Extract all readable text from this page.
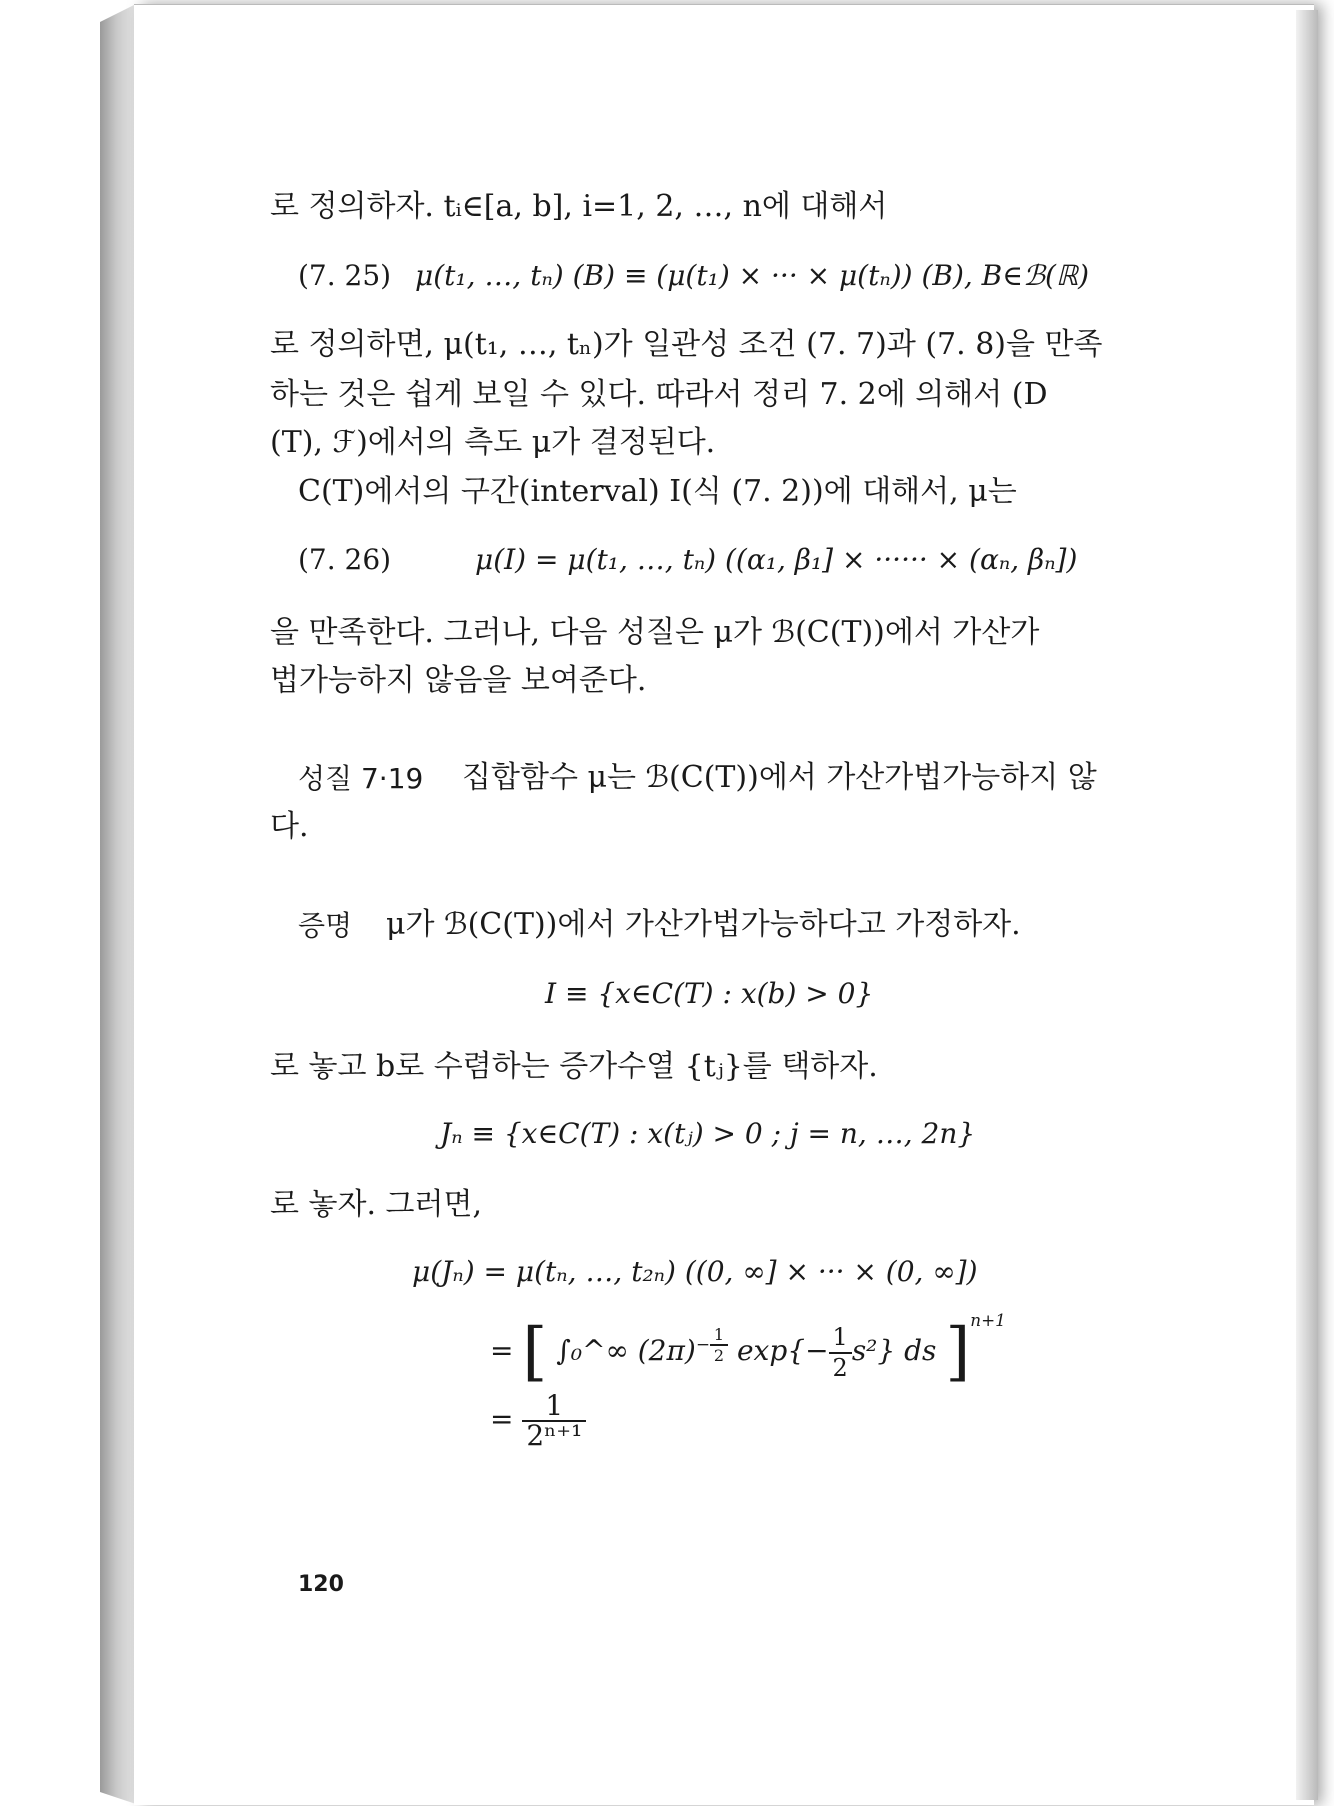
로 정의하자. tᵢ∈[a, b], i=1, 2, …, n에 대해서
(7. 25) μ(t₁, …, tₙ) (B) ≡ (μ(t₁) × ··· × μ(tₙ)) (B), B∈ℬ(ℝ)
로 정의하면, μ(t₁, …, tₙ)가 일관성 조건 (7. 7)과 (7. 8)을 만족
하는 것은 쉽게 보일 수 있다. 따라서 정리 7. 2에 의해서 (D
(T), ℱ)에서의 측도 μ가 결정된다.
C(T)에서의 구간(interval) I(식 (7. 2))에 대해서, μ는
(7. 26)	μ(I) = μ(t₁, …, tₙ) ((α₁, β₁] × ······ × (αₙ, βₙ])
을 만족한다. 그러나, 다음 성질은 μ가 ℬ(C(T))에서 가산가
법가능하지 않음을 보여준다.
성질 7·19 집합함수 μ는 ℬ(C(T))에서 가산가법가능하지 않
다.
증명 μ가 ℬ(C(T))에서 가산가법가능하다고 가정하자.
I ≡ {x∈C(T) : x(b) > 0}
로 놓고 b로 수렴하는 증가수열 {tⱼ}를 택하자.
Jₙ ≡ {x∈C(T) : x(tⱼ) > 0 ; j = n, …, 2n}
로 놓자. 그러면,
μ(Jₙ) = μ(tₙ, …, t₂ₙ) ((0, ∞] × ··· × (0, ∞])
= [ ∫₀^∞ $(2\pi)^{- \frac{1}{2}}$ $\exp\{- \frac{1}{2} s^2\}$ ds ]$^{n+1}$
= $\frac{1}{\text{2ⁿ⁺¹}}$
120
